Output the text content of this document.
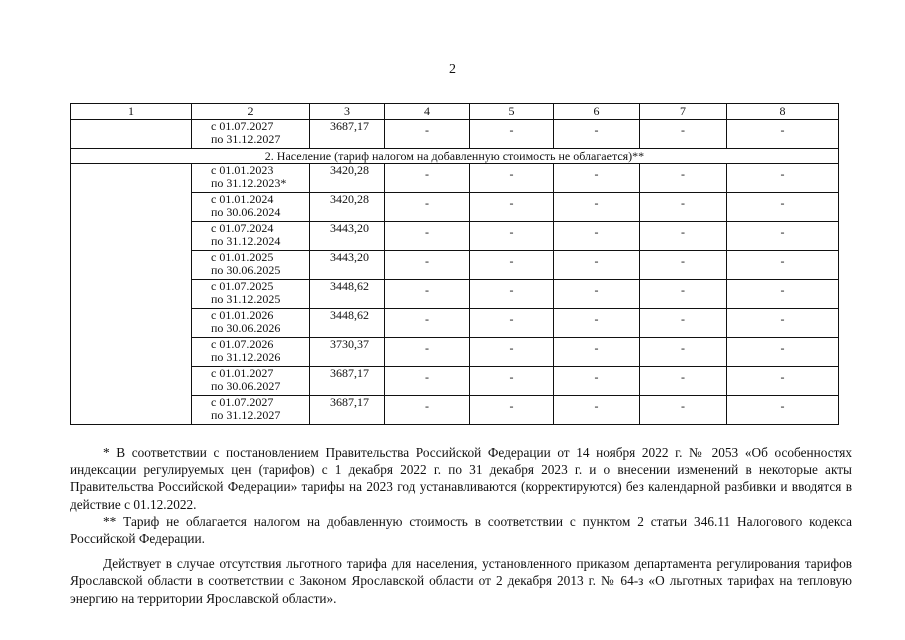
2
1	2	3	4	5	6	7	8

	с 01.07.2027
по 31.12.2027	3687,17	-	-	-	-	-
2. Население (тариф налогом на добавленную стоимость не облагается)**							

	с 01.01.2023
по 31.12.2023*	3420,28	-	-	-	-	-

	с 01.01.2024
по 30.06.2024	3420,28	-	-	-	-	-

	с 01.07.2024
по 31.12.2024	3443,20	-	-	-	-	-

	с 01.01.2025
по 30.06.2025	3443,20	-	-	-	-	-

	с 01.07.2025
по 31.12.2025	3448,62	-	-	-	-	-

	с 01.01.2026
по 30.06.2026	3448,62	-	-	-	-	-

	с 01.07.2026
по 31.12.2026	3730,37	-	-	-	-	-

	с 01.01.2027
по 30.06.2027	3687,17	-	-	-	-	-

	с 01.07.2027
по 31.12.2027	3687,17	-	-	-	-	-

* В соответствии с постановлением Правительства Российской Федерации от 14 ноября 2022 г. № 2053 «Об особенностях индексации регулируемых цен (тарифов) с 1 декабря 2022 г. по 31 декабря 2023 г. и о внесении изменений в некоторые акты Правительства Российской Федерации» тарифы на 2023 год устанавливаются (корректируются) без календарной разбивки и вводятся в действие с 01.12.2022.

** Тариф не облагается налогом на добавленную стоимость в соответствии с пунктом 2 статьи 346.11 Налогового кодекса Российской Федерации.

Действует в случае отсутствия льготного тарифа для населения, установленного приказом департамента регулирования тарифов Ярославской области в соответствии с Законом Ярославской области от 2 декабря 2013 г. № 64-з «О льготных тарифах на тепловую энергию на территории Ярославской области».
